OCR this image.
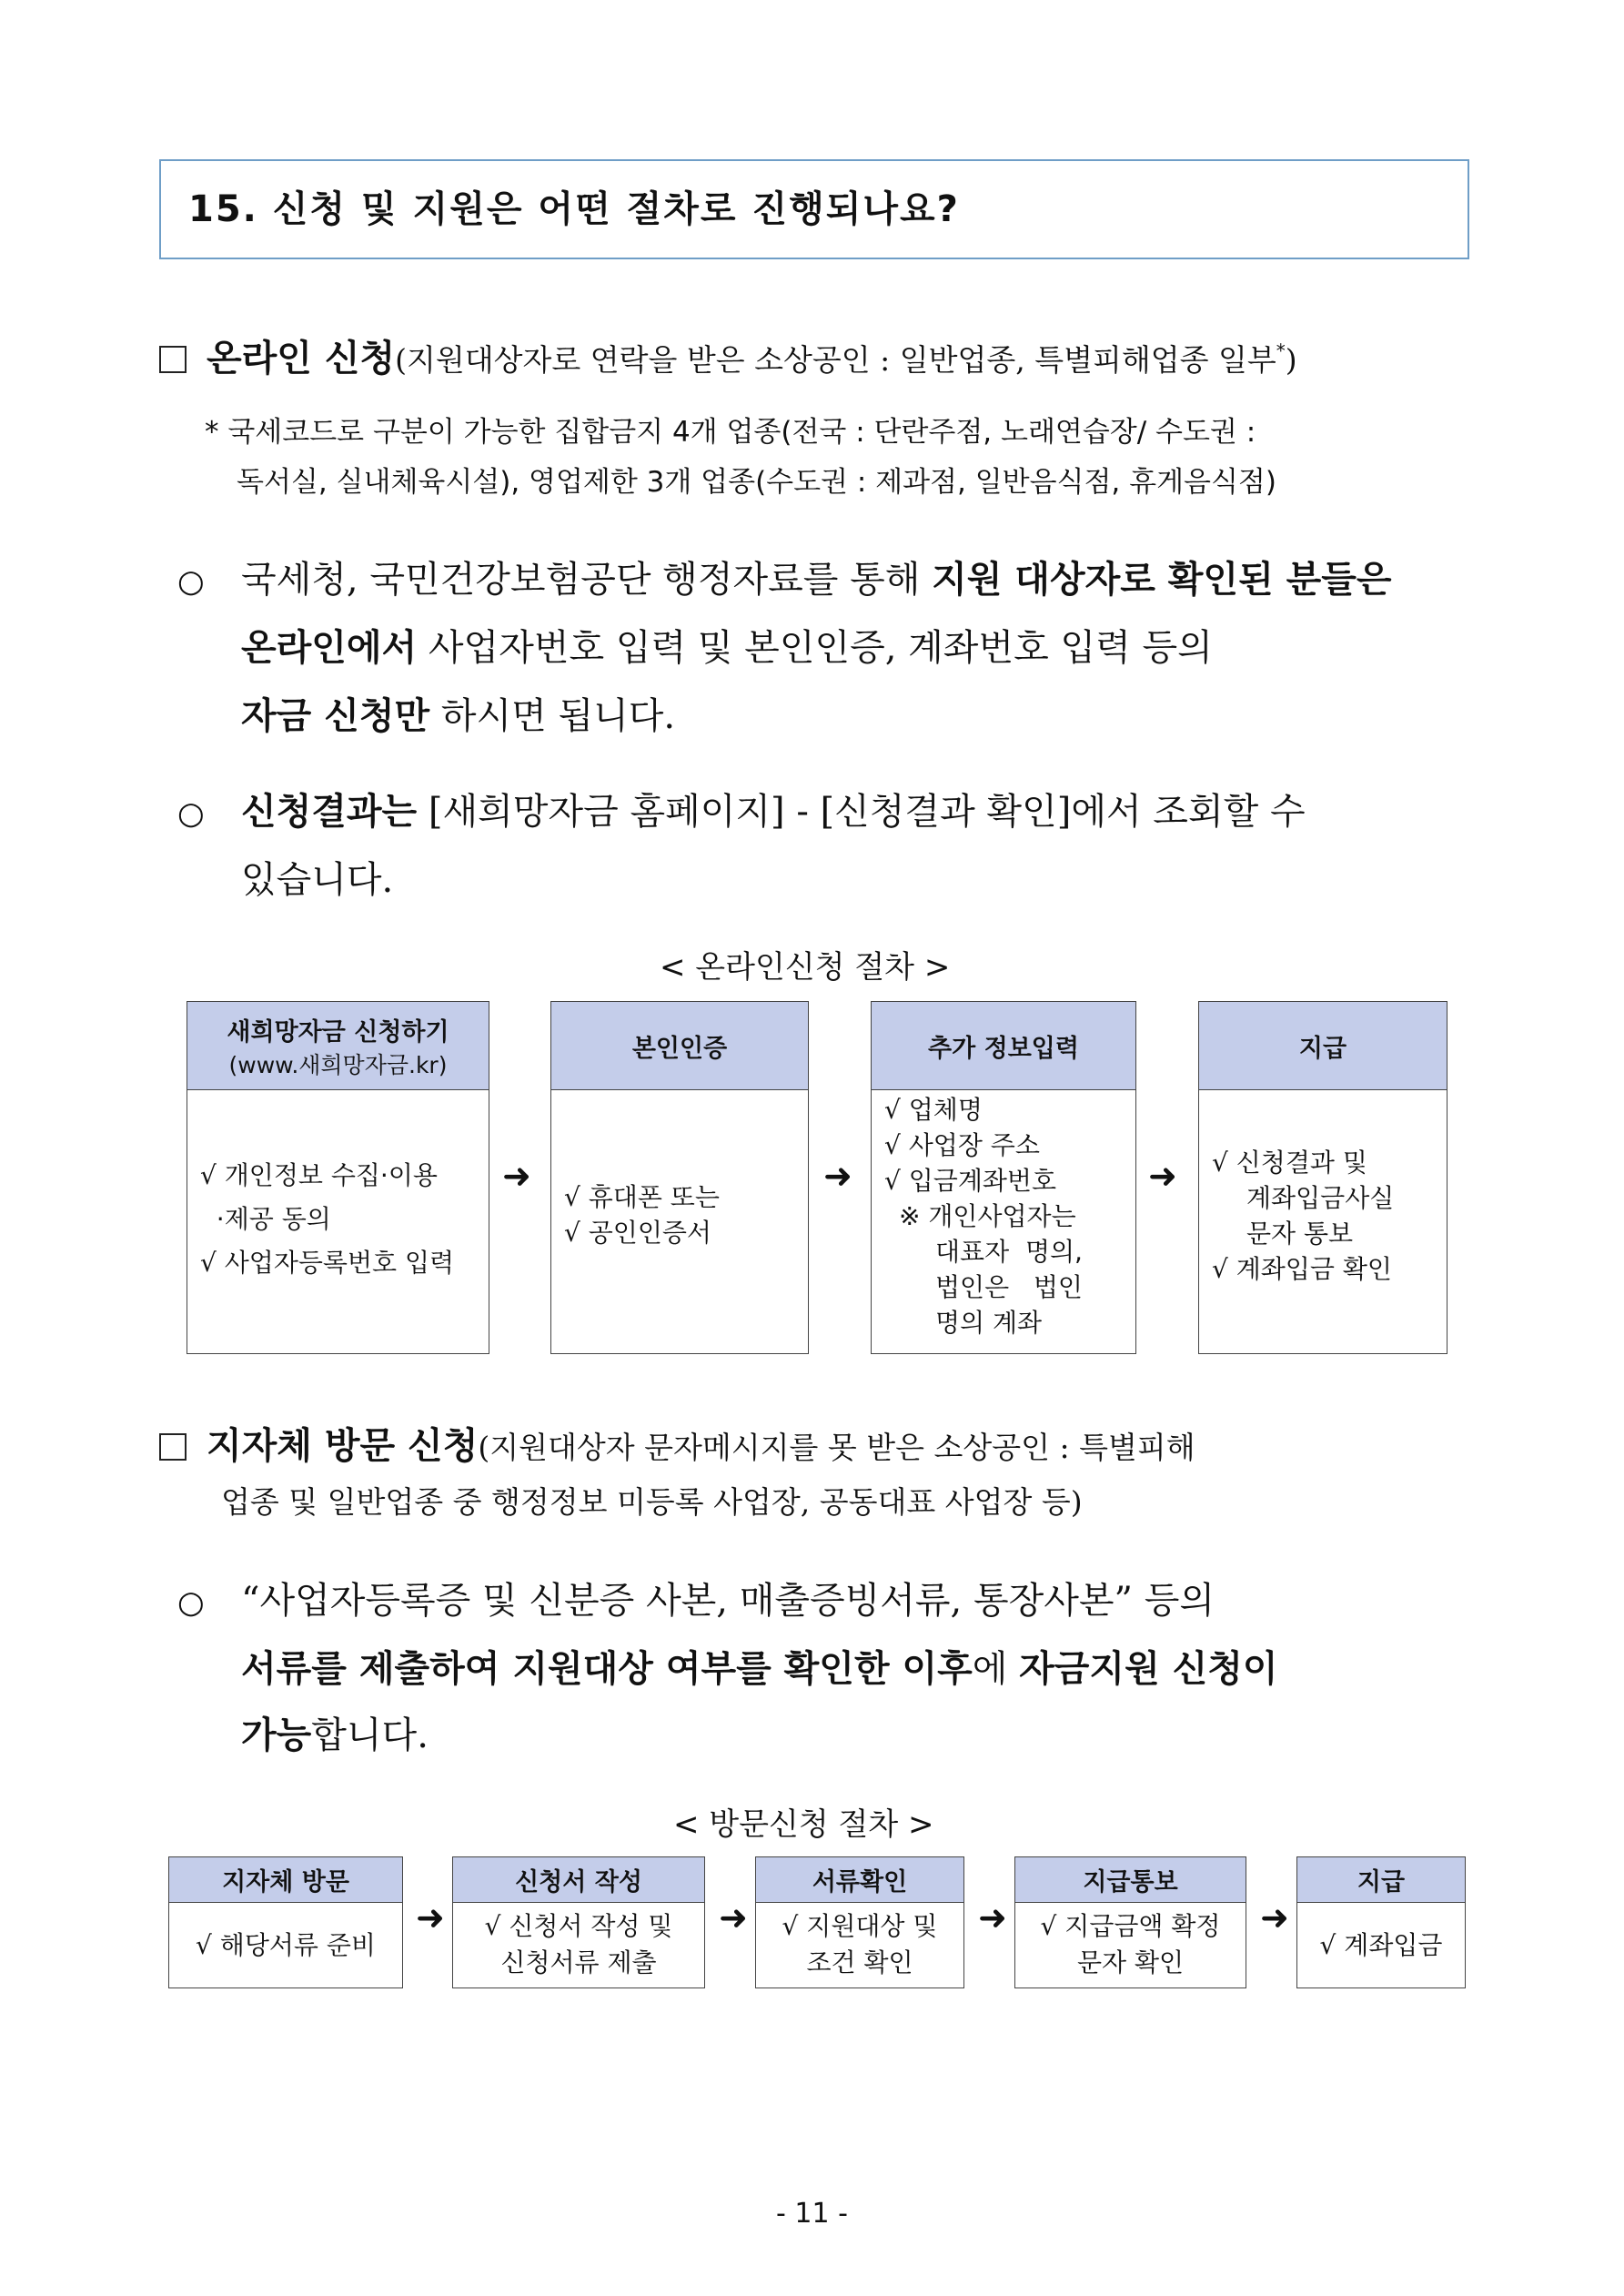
15. 신청 및 지원은 어떤 절차로 진행되나요?
온라인 신청(지원대상자로 연락을 받은 소상공인 : 일반업종, 특별피해업종 일부*)
* 국세코드로 구분이 가능한 집합금지 4개 업종(전국 : 단란주점, 노래연습장/ 수도권 :
독서실, 실내체육시설), 영업제한 3개 업종(수도권 : 제과점, 일반음식점, 휴게음식점)
○ 국세청, 국민건강보험공단 행정자료를 통해 지원 대상자로 확인된 분들은
온라인에서 사업자번호 입력 및 본인인증, 계좌번호 입력 등의
자금 신청만 하시면 됩니다.
○ 신청결과는 [새희망자금 홈페이지] - [신청결과 확인]에서 조회할 수
있습니다.
< 온라인신청 절차 >
새희망자금 신청하기
(www.새희망자금.kr)
√ 개인정보 수집·이용
·제공 동의
√ 사업자등록번호 입력
➜
본인인증
√ 휴대폰 또는
√ 공인인증서
➜
추가 정보입력
√ 업체명
√ 사업장 주소
√ 입금계좌번호
※ 개인사업자는
대표자  명의,
법인은   법인
명의 계좌
➜
지급
√ 신청결과 및
계좌입금사실
문자 통보
√ 계좌입금 확인
지자체 방문 신청(지원대상자 문자메시지를 못 받은 소상공인 : 특별피해
업종 및 일반업종 중 행정정보 미등록 사업장, 공동대표 사업장 등)
○ “사업자등록증 및 신분증 사본, 매출증빙서류, 통장사본” 등의
서류를 제출하여 지원대상 여부를 확인한 이후에 자금지원 신청이
가능합니다.
< 방문신청 절차 >
지자체 방문
√ 해당서류 준비
➜
신청서 작성
√ 신청서 작성 및
신청서류 제출
➜
서류확인
√ 지원대상 및
조건 확인
➜
지급통보
√ 지급금액 확정
문자 확인
➜
지급
√ 계좌입금
- 11 -
